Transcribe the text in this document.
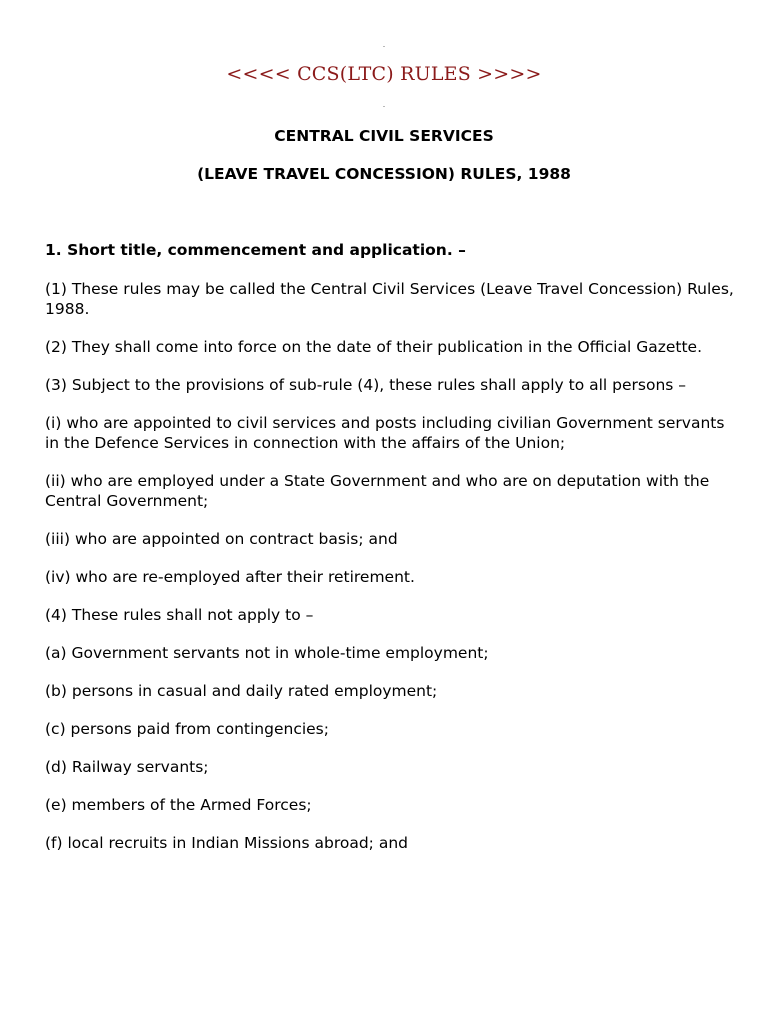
<<<< CCS(LTC) RULES >>>>
CENTRAL CIVIL SERVICES
(LEAVE TRAVEL CONCESSION) RULES, 1988
1. Short title, commencement and application. –
(1) These rules may be called the Central Civil Services (Leave Travel Concession) Rules, 1988.
(2) They shall come into force on the date of their publication in the Official Gazette.
(3) Subject to the provisions of sub-rule (4), these rules shall apply to all persons –
(i) who are appointed to civil services and posts including civilian Government servants in the Defence Services in connection with the affairs of the Union;
(ii) who are employed under a State Government and who are on deputation with the Central Government;
(iii) who are appointed on contract basis; and
(iv) who are re-employed after their retirement.
(4) These rules shall not apply to –
(a) Government servants not in whole-time employment;
(b) persons in casual and daily rated employment;
(c) persons paid from contingencies;
(d) Railway servants;
(e) members of the Armed Forces;
(f) local recruits in Indian Missions abroad; and
